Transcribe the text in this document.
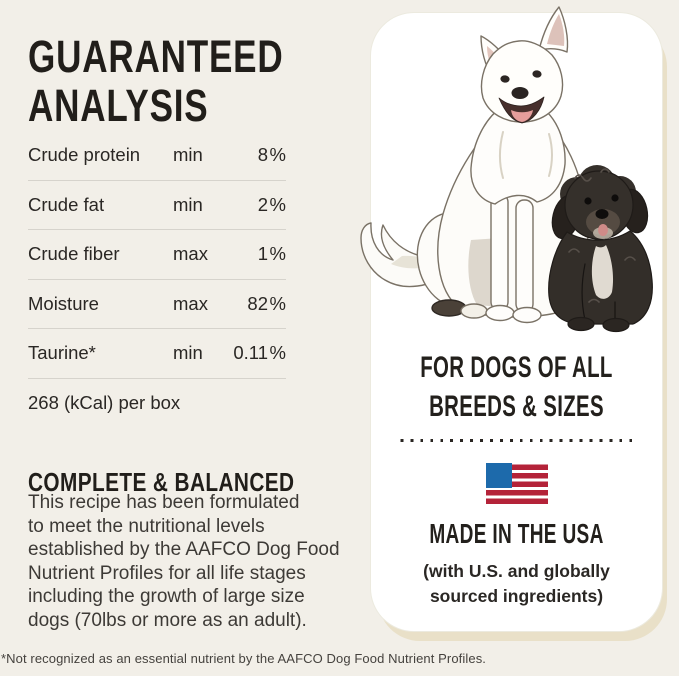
GUARANTEED
ANALYSIS
Crude protein	min	8 %
Crude fat	min	2 %
Crude fiber	max	1 %
Moisture	max	82 %
Taurine*	min	0.11 %
268 (kCal) per box
COMPLETE & BALANCED
This recipe has been formulated
to meet the nutritional levels
established by the AAFCO Dog Food
Nutrient Profiles for all life stages
including the growth of large size
dogs (70lbs or more as an adult).
*Not recognized as an essential nutrient by the AAFCO Dog Food Nutrient Profiles.
FOR DOGS OF ALL
BREEDS & SIZES
MADE IN THE USA
(with U.S. and globally
sourced ingredients)
